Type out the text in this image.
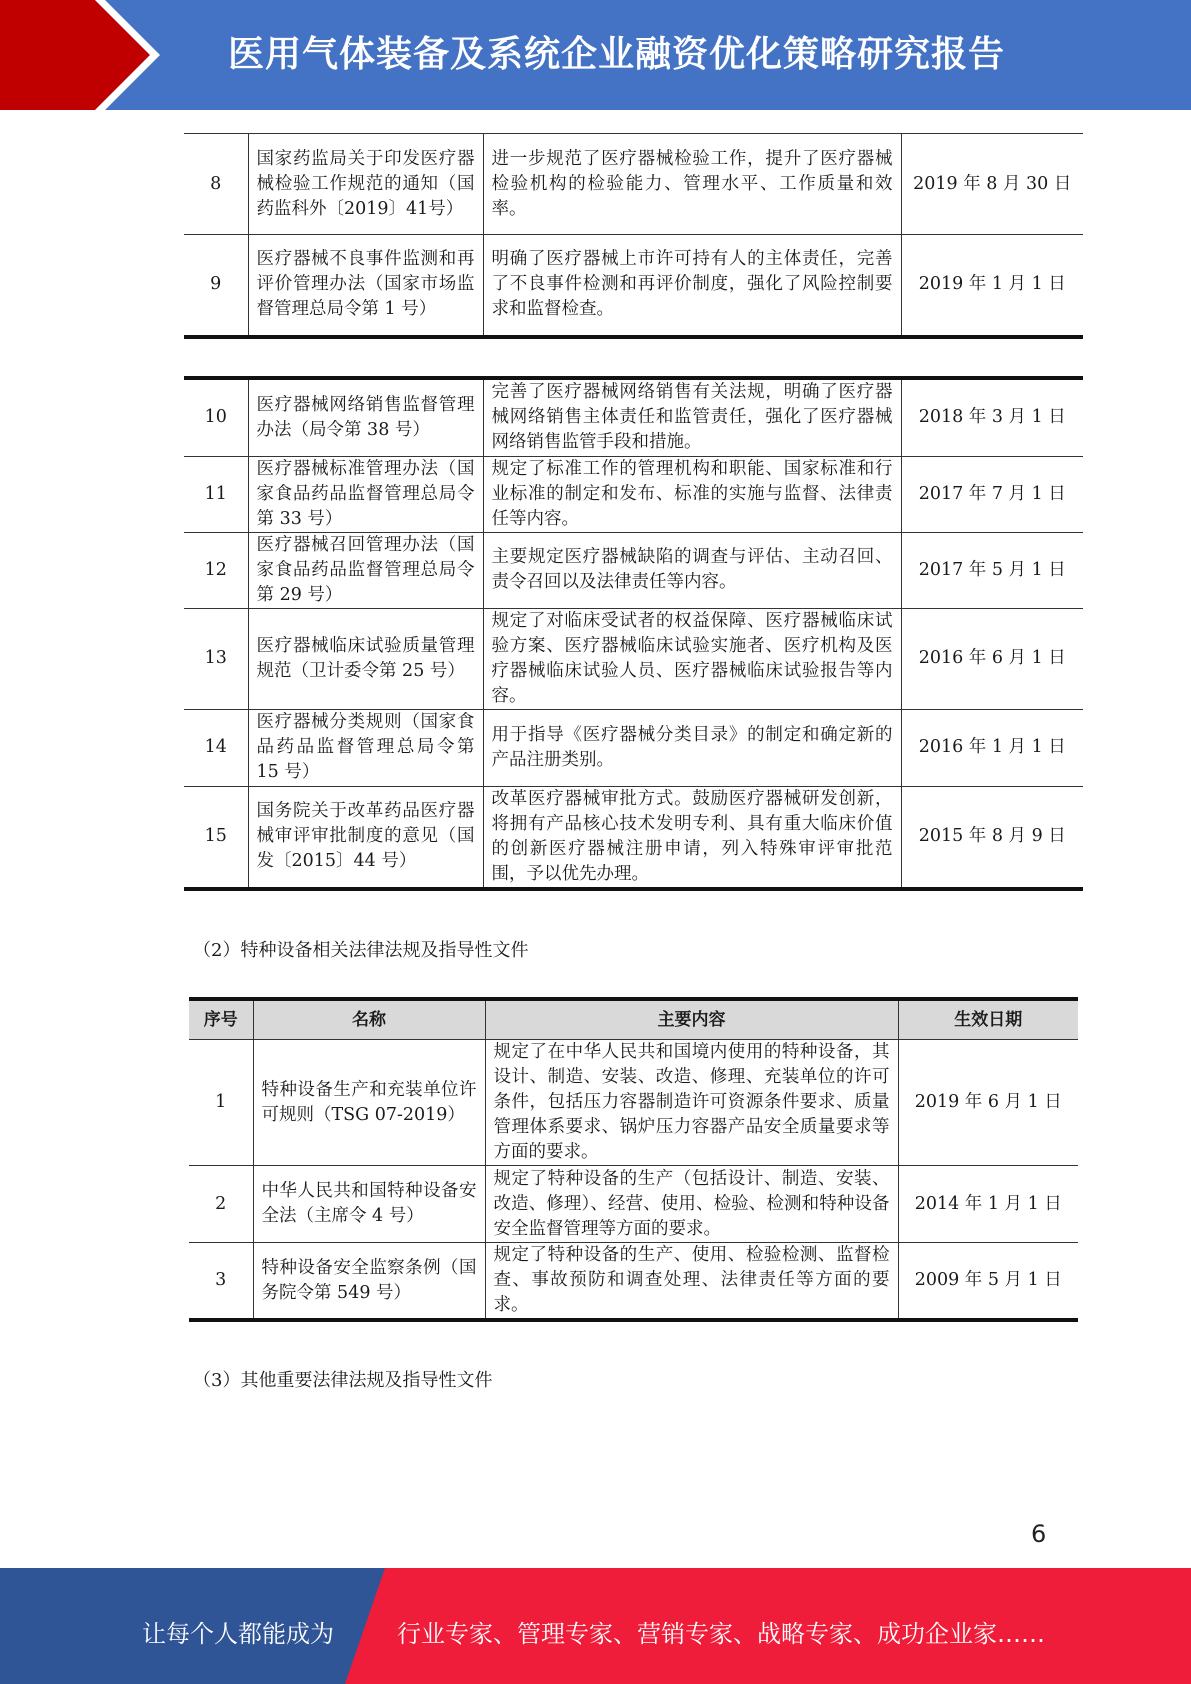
医用气体装备及系统企业融资优化策略研究报告
8	国家药监局关于印发医疗器械检验工作规范的通知（国药监科外〔2019〕41号）	进一步规范了医疗器械检验工作，提升了医疗器械检验机构的检验能力、管理水平、工作质量和效率。	2019 年 8 月 30 日
9	医疗器械不良事件监测和再评价管理办法（国家市场监督管理总局令第 1 号）	明确了医疗器械上市许可持有人的主体责任，完善了不良事件检测和再评价制度，强化了风险控制要求和监督检查。	2019 年 1 月 1 日
10	医疗器械网络销售监督管理办法（局令第 38 号）	完善了医疗器械网络销售有关法规，明确了医疗器械网络销售主体责任和监管责任，强化了医疗器械网络销售监管手段和措施。	2018 年 3 月 1 日
11	医疗器械标准管理办法（国家食品药品监督管理总局令第 33 号）	规定了标准工作的管理机构和职能、国家标准和行业标准的制定和发布、标准的实施与监督、法律责任等内容。	2017 年 7 月 1 日
12	医疗器械召回管理办法（国家食品药品监督管理总局令第 29 号）	主要规定医疗器械缺陷的调查与评估、主动召回、责令召回以及法律责任等内容。	2017 年 5 月 1 日
13	医疗器械临床试验质量管理规范（卫计委令第 25 号）	规定了对临床受试者的权益保障、医疗器械临床试验方案、医疗器械临床试验实施者、医疗机构及医疗器械临床试验人员、医疗器械临床试验报告等内容。	2016 年 6 月 1 日
14	医疗器械分类规则（国家食品药品监督管理总局令第 15 号）	用于指导《医疗器械分类目录》的制定和确定新的产品注册类别。	2016 年 1 月 1 日
15	国务院关于改革药品医疗器械审评审批制度的意见（国发〔2015〕44 号）	改革医疗器械审批方式。鼓励医疗器械研发创新，将拥有产品核心技术发明专利、具有重大临床价值的创新医疗器械注册申请，列入特殊审评审批范围，予以优先办理。	2015 年 8 月 9 日
（2）特种设备相关法律法规及指导性文件
序号	名称	主要内容	生效日期
1	特种设备生产和充装单位许可规则（TSG 07-2019）	规定了在中华人民共和国境内使用的特种设备，其设计、制造、安装、改造、修理、充装单位的许可条件，包括压力容器制造许可资源条件要求、质量管理体系要求、锅炉压力容器产品安全质量要求等方面的要求。	2019 年 6 月 1 日
2	中华人民共和国特种设备安全法（主席令 4 号）	规定了特种设备的生产（包括设计、制造、安装、改造、修理）、经营、使用、检验、检测和特种设备安全监督管理等方面的要求。	2014 年 1 月 1 日
3	特种设备安全监察条例（国务院令第 549 号）	规定了特种设备的生产、使用、检验检测、监督检查、事故预防和调查处理、法律责任等方面的要求。	2009 年 5 月 1 日
（3）其他重要法律法规及指导性文件
6
让每个人都能成为	行业专家、管理专家、营销专家、战略专家、成功企业家……
